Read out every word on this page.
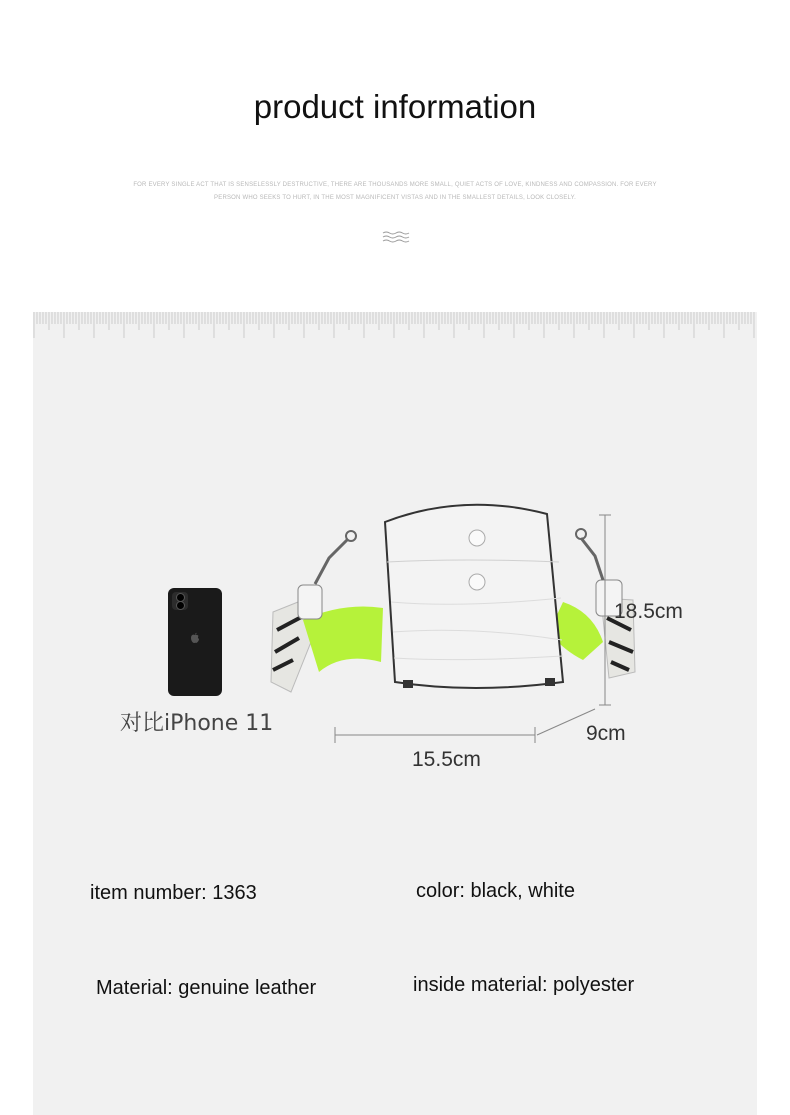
product information
FOR EVERY SINGLE ACT THAT IS SENSELESSLY DESTRUCTIVE, THERE ARE THOUSANDS MORE SMALL, QUIET ACTS OF LOVE, KINDNESS AND COMPASSION. FOR EVERY
PERSON WHO SEEKS TO HURT, IN THE MOST MAGNIFICENT VISTAS AND IN THE SMALLEST DETAILS, LOOK CLOSELY.
对比iPhone 11
18.5cm
9cm
15.5cm
item number: 1363	color: black, white
Material: genuine leather	inside material: polyester
